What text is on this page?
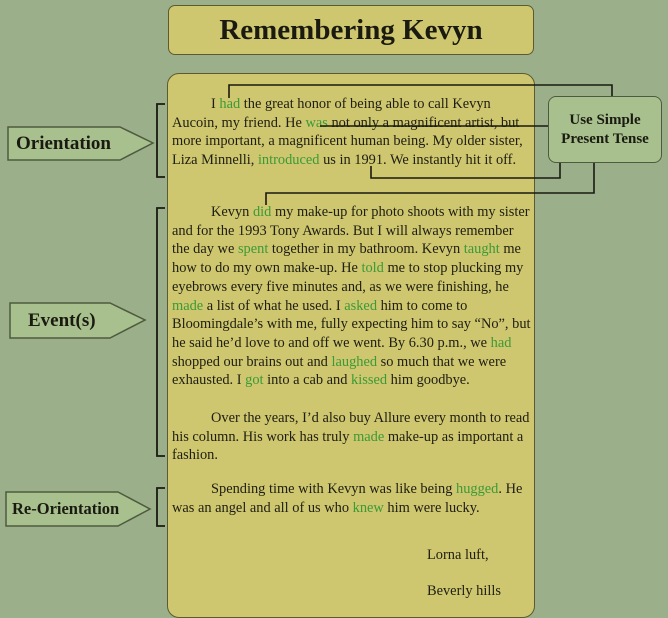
Remembering Kevyn

I had the great honor of being able to call Kevyn Aucoin, my friend. He was not only a magnificent artist, but more important, a magnificent human being. My older sister, Liza Minnelli, introduced us in 1991. We instantly hit it off.

Kevyn did my make-up for photo shoots with my sister and for the 1993 Tony Awards. But I will always remember the day we spent together in my bathroom. Kevyn taught me how to do my own make-up. He told me to stop plucking my eyebrows every five minutes and, as we were finishing, he made a list of what he used. I asked him to come to Bloomingdale’s with me, fully expecting him to say “No”, but he said he’d love to and off we went. By 6.30 p.m., we had shopped our brains out and laughed so much that we were exhausted. I got into a cab and kissed him goodbye.

Over the years, I’d also buy Allure every month to read his column. His work has truly made make-up as important a fashion.

Spending time with Kevyn was like being hugged. He was an angel and all of us who knew him were lucky.

Lorna luft,
Beverly hills
Use Simple
Present Tense
Orientation
Event(s)
Re-Orientation
